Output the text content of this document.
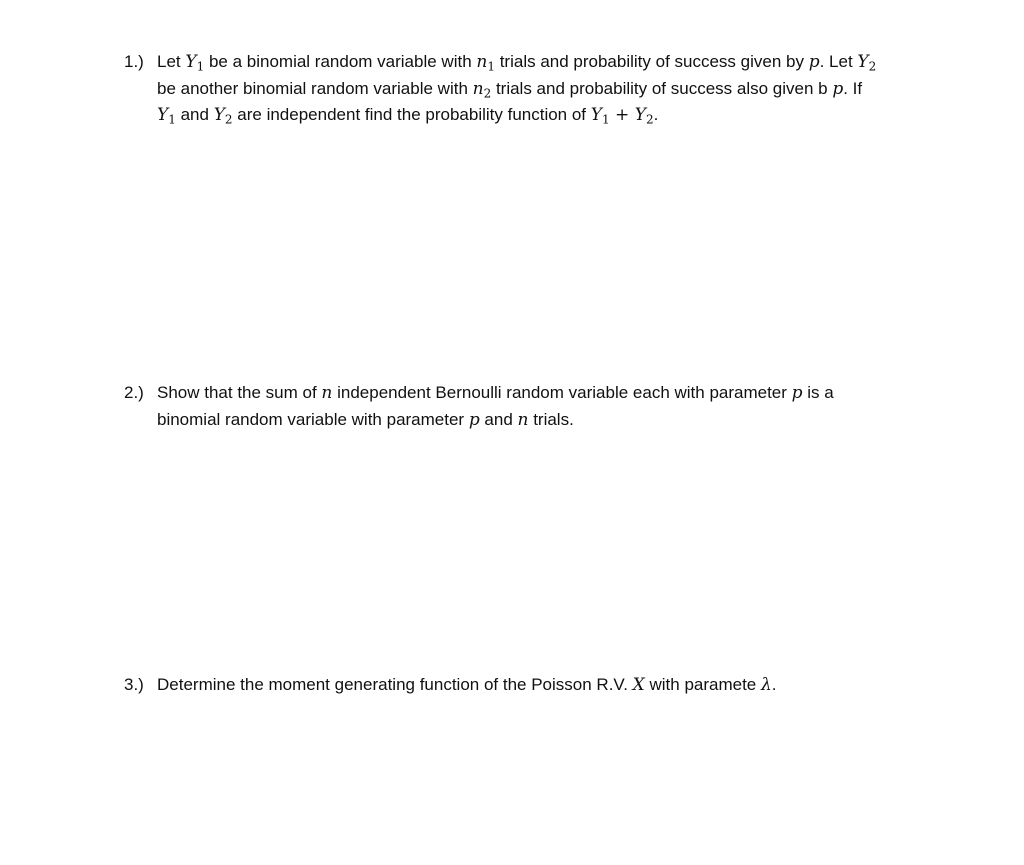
1.) Let $Y_1$ be a binomial random variable with $n_1$ trials and probability of success given by p. Let $Y_2$
be another binomial random variable with $n_2$ trials and probability of success also given b p. If
$Y_1$ and $Y_2$ are independent find the probability function of $Y_1 + Y_2$.
2.) Show that the sum of n independent Bernoulli random variable each with parameter p is a
binomial random variable with parameter p and n trials.
3.) Determine the moment generating function of the Poisson R.V. X with paramete λ.
